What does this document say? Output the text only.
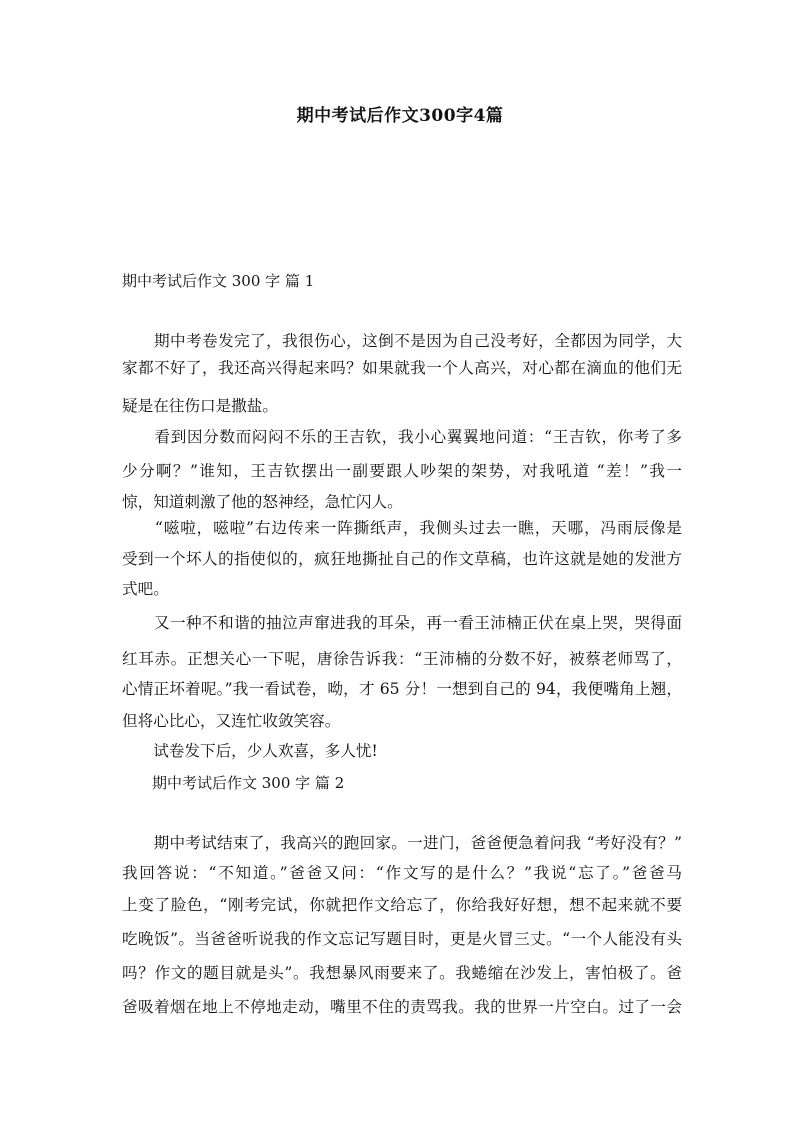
期中考试后作文300字4篇
期中考试后作文 300 字 篇 1
　　期中考卷发完了，我很伤心，这倒不是因为自己没考好，全都因为同学，大
家都不好了，我还高兴得起来吗？如果就我一个人高兴，对心都在滴血的他们无
疑是在往伤口是撒盐。
　　看到因分数而闷闷不乐的王吉钦，我小心翼翼地问道：“王吉钦，你考了多
少分啊？”谁知，王吉钦摆出一副要跟人吵架的架势，对我吼道 “差！”我一
惊，知道刺激了他的怒神经，急忙闪人。
　　“嗞啦，嗞啦”右边传来一阵撕纸声，我侧头过去一瞧，天哪，冯雨辰像是
受到一个坏人的指使似的，疯狂地撕扯自己的作文草稿，也许这就是她的发泄方
式吧。
　　又一种不和谐的抽泣声窜进我的耳朵，再一看王沛楠正伏在桌上哭，哭得面
红耳赤。正想关心一下呢，唐徐告诉我：“王沛楠的分数不好，被蔡老师骂了，
心情正坏着呢。”我一看试卷，呦，才 65 分！一想到自己的 94，我便嘴角上翘，
但将心比心，又连忙收敛笑容。
　　试卷发下后，少人欢喜，多人忧!
　　期中考试后作文 300 字 篇 2
　　期中考试结束了，我高兴的跑回家。一进门，爸爸便急着问我 “考好没有？”
我回答说：“不知道。”爸爸又问：“作文写的是什么？”我说“忘了。”爸爸马
上变了脸色，“刚考完试，你就把作文给忘了，你给我好好想，想不起来就不要
吃晚饭”。当爸爸听说我的作文忘记写题目时，更是火冒三丈。“一个人能没有头
吗？作文的题目就是头”。我想暴风雨要来了。我蜷缩在沙发上，害怕极了。爸
爸吸着烟在地上不停地走动，嘴里不住的责骂我。我的世界一片空白。过了一会
